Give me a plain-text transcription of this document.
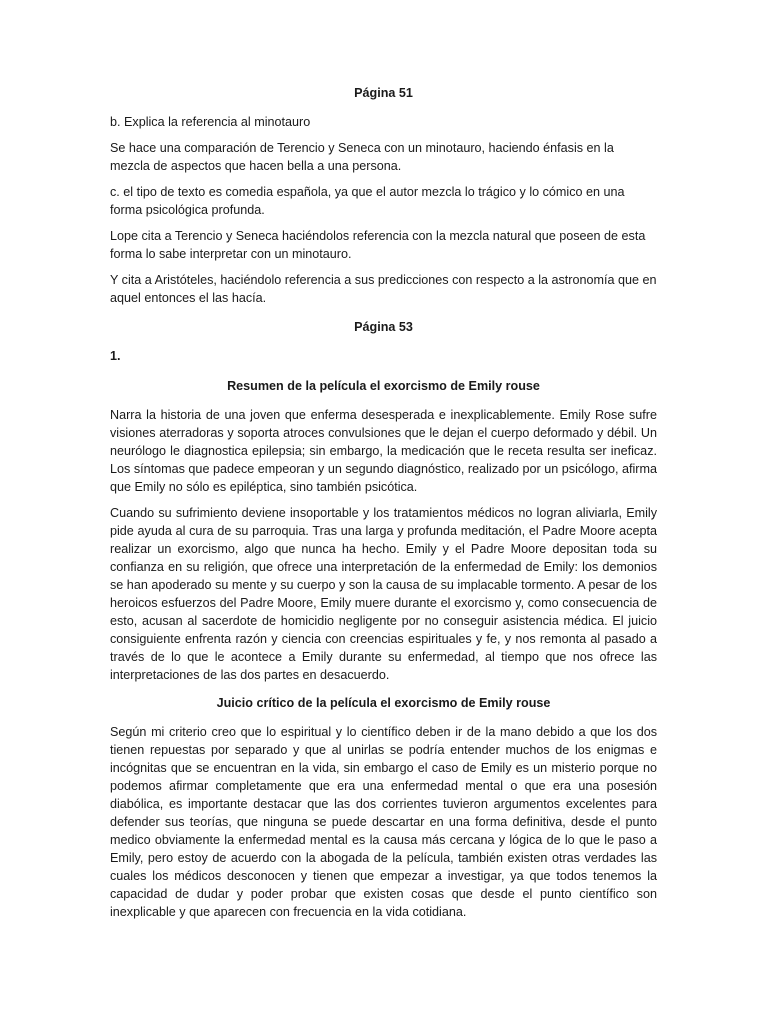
Página 51

b. Explica la referencia al minotauro

Se hace una comparación de Terencio y Seneca con un minotauro, haciendo énfasis en la mezcla de aspectos que hacen bella a una persona.

c. el tipo de texto es comedia española, ya que el autor mezcla lo trágico y lo cómico en una forma psicológica profunda.

Lope cita a Terencio y Seneca haciéndolos referencia con la mezcla natural que poseen de esta forma lo sabe interpretar con un minotauro.

Y cita a Aristóteles, haciéndolo referencia a sus predicciones con respecto a la astronomía que en aquel entonces el las hacía.

Página 53
1.
Resumen de la película el exorcismo de Emily rouse

Narra la historia de una joven que enferma desesperada e inexplicablemente. Emily Rose sufre visiones aterradoras y soporta atroces convulsiones que le dejan el cuerpo deformado y débil. Un neurólogo le diagnostica epilepsia; sin embargo, la medicación que le receta resulta ser ineficaz. Los síntomas que padece empeoran y un segundo diagnóstico, realizado por un psicólogo, afirma que Emily no sólo es epiléptica, sino también psicótica.

Cuando su sufrimiento deviene insoportable y los tratamientos médicos no logran aliviarla, Emily pide ayuda al cura de su parroquia. Tras una larga y profunda meditación, el Padre Moore acepta realizar un exorcismo, algo que nunca ha hecho. Emily y el Padre Moore depositan toda su confianza en su religión, que ofrece una interpretación de la enfermedad de Emily: los demonios se han apoderado su mente y su cuerpo y son la causa de su implacable tormento. A pesar de los heroicos esfuerzos del Padre Moore, Emily muere durante el exorcismo y, como consecuencia de esto, acusan al sacerdote de homicidio negligente por no conseguir asistencia médica. El juicio consiguiente enfrenta razón y ciencia con creencias espirituales y fe, y nos remonta al pasado a través de lo que le acontece a Emily durante su enfermedad, al tiempo que nos ofrece las interpretaciones de las dos partes en desacuerdo.

Juicio crítico de la película el exorcismo de Emily rouse

Según mi criterio creo que lo espiritual y lo científico deben ir de la mano debido a que los dos tienen repuestas por separado y que al unirlas se podría entender muchos de los enigmas e incógnitas que se encuentran en la vida, sin embargo el caso de Emily es un misterio porque no podemos afirmar completamente que era una enfermedad mental o que era una posesión diabólica, es importante destacar que las dos corrientes tuvieron argumentos excelentes para defender sus teorías, que ninguna se puede descartar en una forma definitiva, desde el punto medico obviamente la enfermedad mental es la causa más cercana y lógica de lo que le paso a Emily, pero estoy de acuerdo con la abogada de la película, también existen otras verdades las cuales los médicos desconocen y tienen que empezar a investigar, ya que todos tenemos la capacidad de dudar y poder probar que existen cosas que desde el punto científico son inexplicable y que aparecen con frecuencia en la vida cotidiana.
